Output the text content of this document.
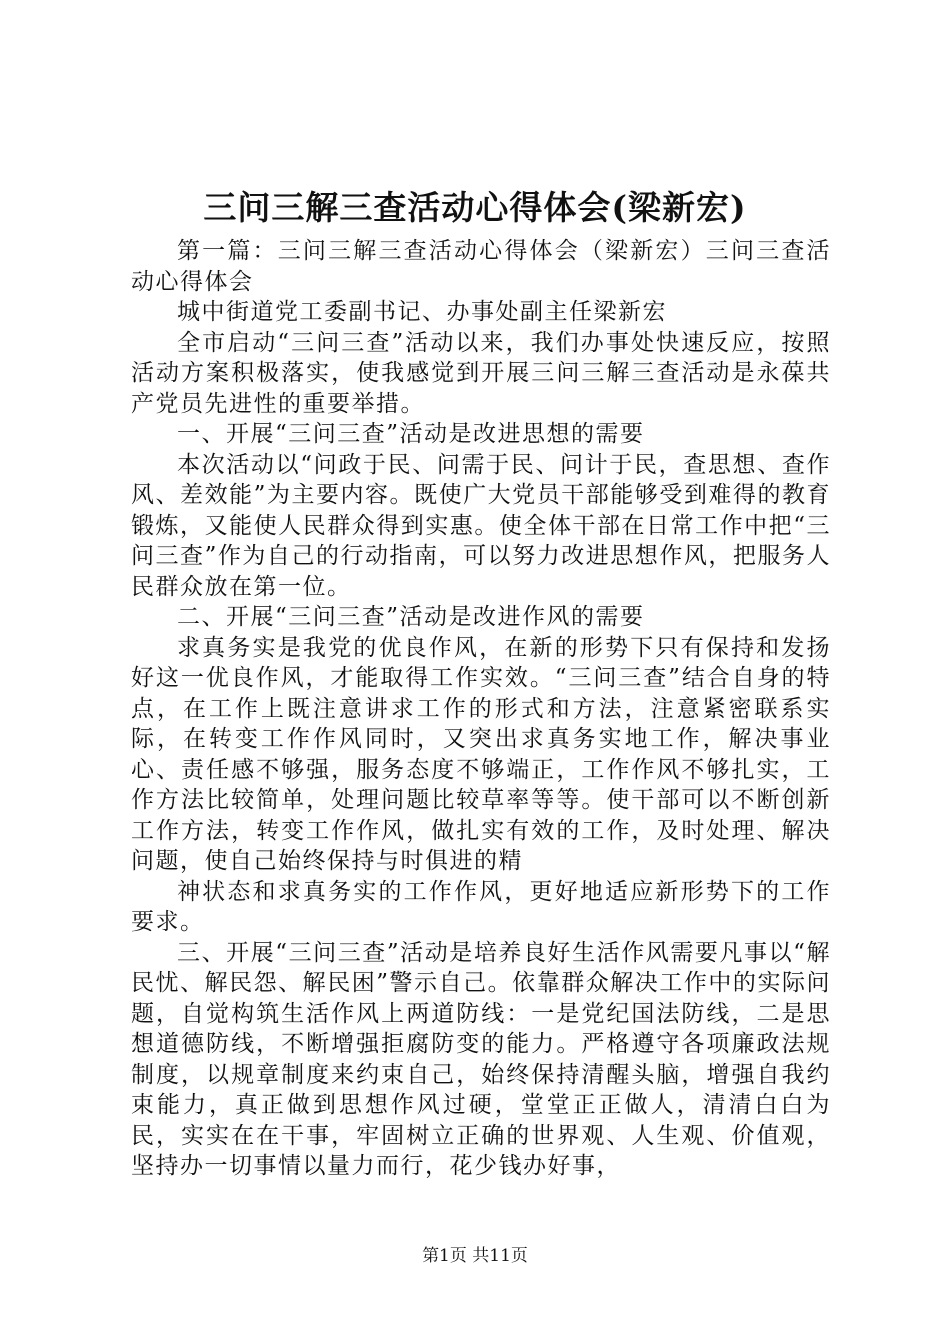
三问三解三查活动心得体会(梁新宏)

第一篇：三问三解三查活动心得体会（梁新宏）三问三查活动心得体会

城中街道党工委副书记、办事处副主任梁新宏

全市启动“三问三查”活动以来，我们办事处快速反应，按照活动方案积极落实，使我感觉到开展三问三解三查活动是永葆共产党员先进性的重要举措。

一、开展“三问三查”活动是改进思想的需要

本次活动以“问政于民、问需于民、问计于民，查思想、查作风、差效能”为主要内容。既使广大党员干部能够受到难得的教育锻炼，又能使人民群众得到实惠。使全体干部在日常工作中把“三问三查”作为自己的行动指南，可以努力改进思想作风，把服务人民群众放在第一位。

二、开展“三问三查”活动是改进作风的需要

求真务实是我党的优良作风，在新的形势下只有保持和发扬好这一优良作风，才能取得工作实效。“三问三查”结合自身的特点，在工作上既注意讲求工作的形式和方法，注意紧密联系实际，在转变工作作风同时，又突出求真务实地工作，解决事业心、责任感不够强，服务态度不够端正，工作作风不够扎实，工作方法比较简单，处理问题比较草率等等。使干部可以不断创新工作方法，转变工作作风，做扎实有效的工作，及时处理、解决问题，使自己始终保持与时俱进的精

神状态和求真务实的工作作风，更好地适应新形势下的工作要求。

三、开展“三问三查”活动是培养良好生活作风需要凡事以“解民忧、解民怨、解民困”警示自己。依靠群众解决工作中的实际问题，自觉构筑生活作风上两道防线：一是党纪国法防线，二是思想道德防线，不断增强拒腐防变的能力。严格遵守各项廉政法规制度，以规章制度来约束自己，始终保持清醒头脑，增强自我约束能力，真正做到思想作风过硬，堂堂正正做人，清清白白为民，实实在在干事，牢固树立正确的世界观、人生观、价值观，坚持办一切事情以量力而行，花少钱办好事，

第1页 共11页
